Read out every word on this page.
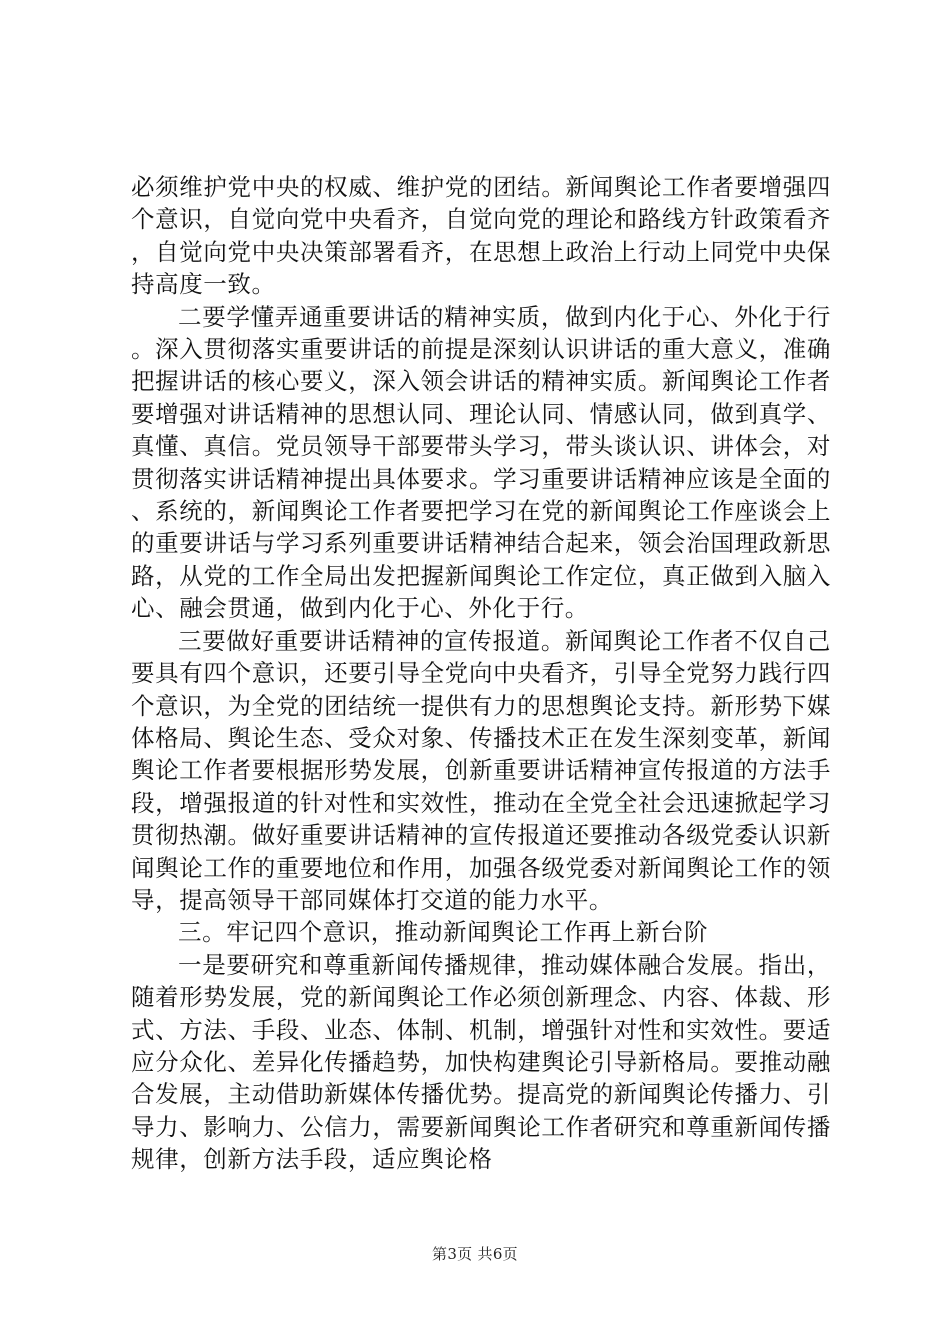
必须维护党中央的权威、维护党的团结。新闻舆论工作者要增强四个意识，自觉向党中央看齐，自觉向党的理论和路线方针政策看齐，自觉向党中央决策部署看齐，在思想上政治上行动上同党中央保持高度一致。

二要学懂弄通重要讲话的精神实质，做到内化于心、外化于行。深入贯彻落实重要讲话的前提是深刻认识讲话的重大意义，准确把握讲话的核心要义，深入领会讲话的精神实质。新闻舆论工作者要增强对讲话精神的思想认同、理论认同、情感认同，做到真学、真懂、真信。党员领导干部要带头学习，带头谈认识、讲体会，对贯彻落实讲话精神提出具体要求。学习重要讲话精神应该是全面的、系统的，新闻舆论工作者要把学习在党的新闻舆论工作座谈会上的重要讲话与学习系列重要讲话精神结合起来，领会治国理政新思路，从党的工作全局出发把握新闻舆论工作定位，真正做到入脑入心、融会贯通，做到内化于心、外化于行。

三要做好重要讲话精神的宣传报道。新闻舆论工作者不仅自己要具有四个意识，还要引导全党向中央看齐，引导全党努力践行四个意识，为全党的团结统一提供有力的思想舆论支持。新形势下媒体格局、舆论生态、受众对象、传播技术正在发生深刻变革，新闻舆论工作者要根据形势发展，创新重要讲话精神宣传报道的方法手段，增强报道的针对性和实效性，推动在全党全社会迅速掀起学习贯彻热潮。做好重要讲话精神的宣传报道还要推动各级党委认识新闻舆论工作的重要地位和作用，加强各级党委对新闻舆论工作的领导，提高领导干部同媒体打交道的能力水平。

三。牢记四个意识，推动新闻舆论工作再上新台阶

一是要研究和尊重新闻传播规律，推动媒体融合发展。指出，随着形势发展，党的新闻舆论工作必须创新理念、内容、体裁、形式、方法、手段、业态、体制、机制，增强针对性和实效性。要适应分众化、差异化传播趋势，加快构建舆论引导新格局。要推动融合发展，主动借助新媒体传播优势。提高党的新闻舆论传播力、引导力、影响力、公信力，需要新闻舆论工作者研究和尊重新闻传播规律，创新方法手段，适应舆论格

第3页 共6页
